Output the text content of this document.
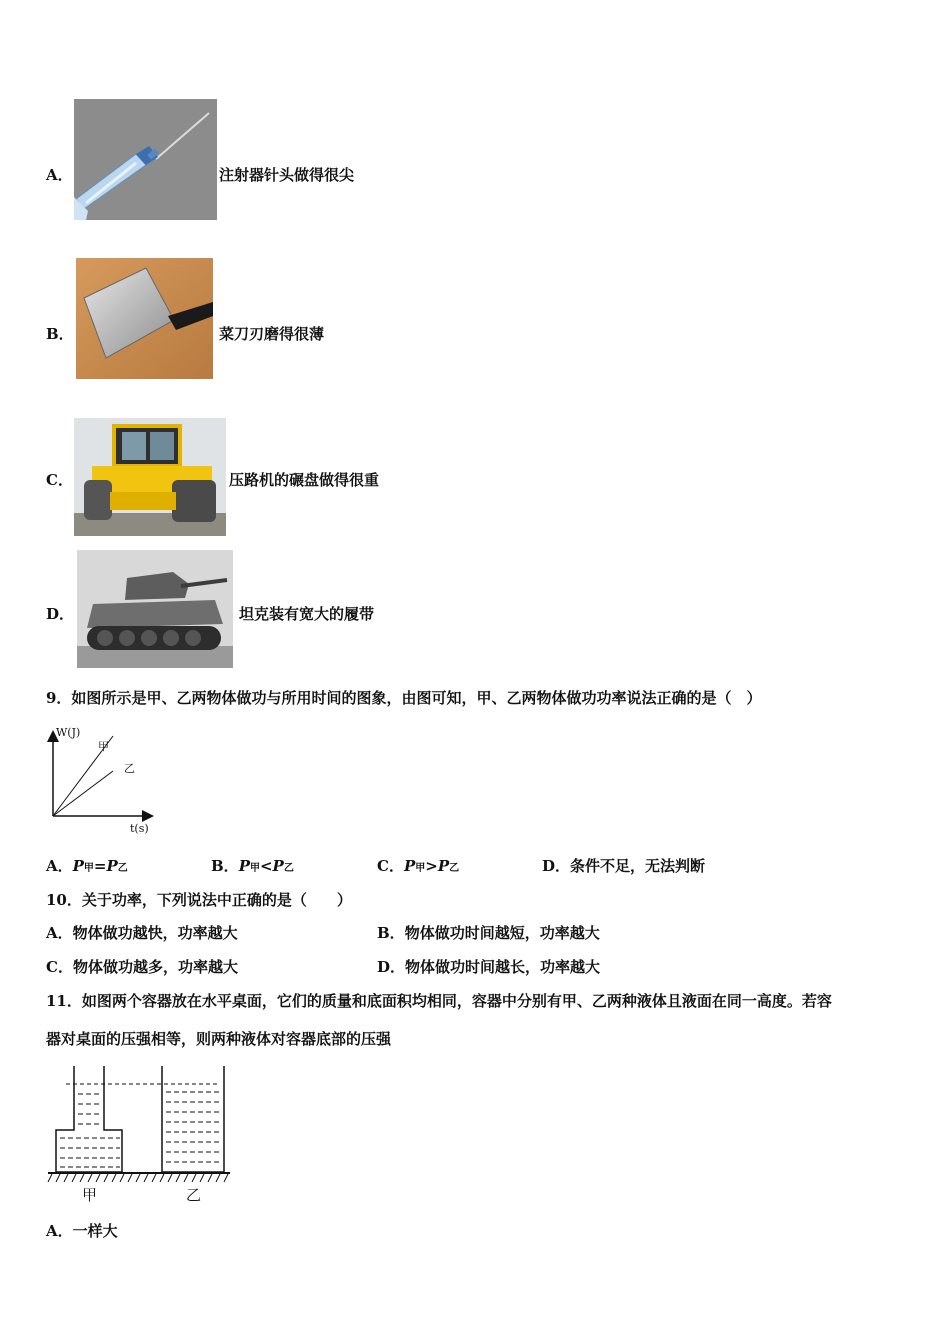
A．	注射器针头做得很尖
B．	菜刀刃磨得很薄
C．	压路机的碾盘做得很重
D．	坦克装有宽大的履带
9．如图所示是甲、乙两物体做功与所用时间的图象，由图可知，甲、乙两物体做功功率说法正确的是（　）
W(J)
t(s)
甲
乙
A．P甲=P乙	B．P甲<P乙	C．P甲>P乙	D．条件不足，无法判断
10．关于功率，下列说法中正确的是（　　）
A．物体做功越快，功率越大	B．物体做功时间越短，功率越大
C．物体做功越多，功率越大	D．物体做功时间越长，功率越大
11．如图两个容器放在水平桌面，它们的质量和底面积均相同，容器中分别有甲、乙两种液体且液面在同一高度。若容
器对桌面的压强相等，则两种液体对容器底部的压强
甲	乙
A．一样大
